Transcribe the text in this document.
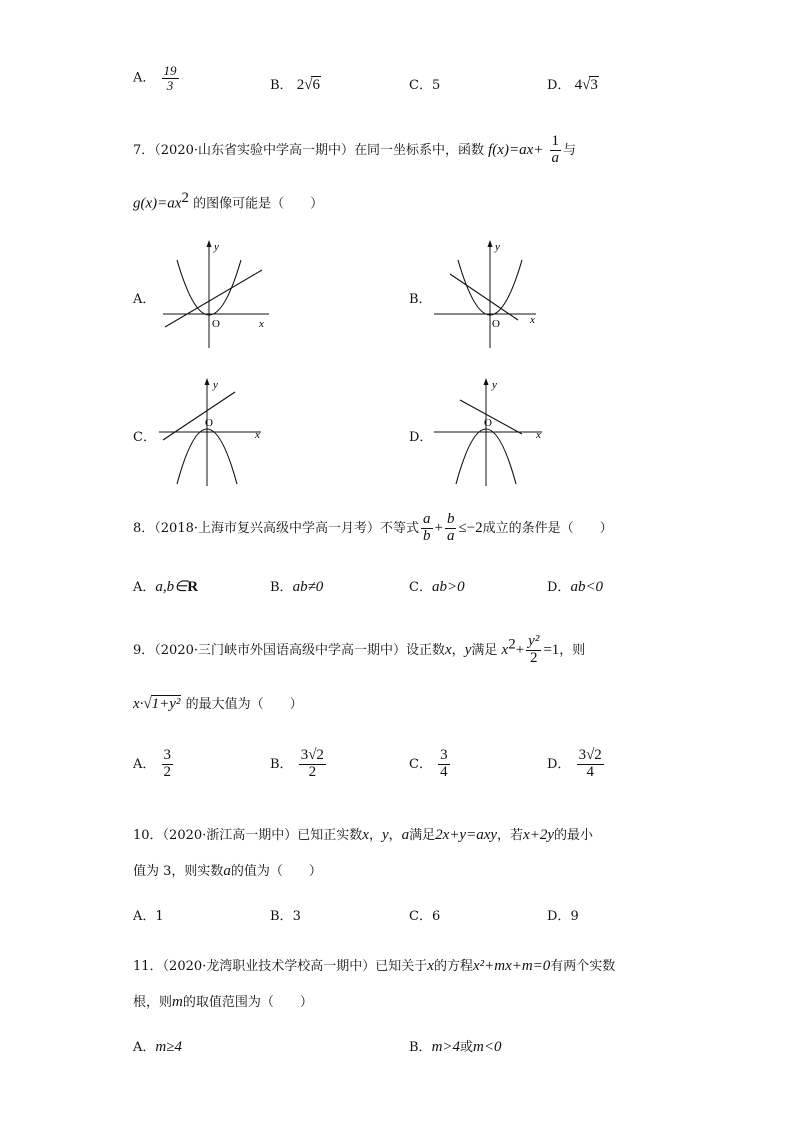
A． $\frac{19}{3}$	B． 2√6	C．5	D． 4√3
7．（2020·山东省实验中学高一期中）在同一坐标系中，函数 $f(x)=ax+ \frac{1}{a}$ 与
$g(x)=ax^2$ 的图像可能是（　　）
A．	B．
C．	D．
y
x
O
y
x
O
y
x
O
y
x
O
8．（2018·上海市复兴高级中学高一月考）不等式 $\frac{a}{b} + \frac{b}{a} \le-2$成立的条件是（　　）
A．a,b∈R	B．ab≠0	C．ab>0	D．ab<0
9．（2020·三门峡市外国语高级中学高一期中）设正数x，y满足 $x^2+ \frac{\text{y²}}{2} =1$，则
x·√1+y² 的最大值为（　　）
A． $\frac{3}{2}$	B． $\frac{3√2}{2}$	C． $\frac{3}{4}$	D． $\frac{3√2}{4}$
10．（2020·浙江高一期中）已知正实数x，y，a满足2x+y=axy，若x+2y的最小
值为 3，则实数a的值为（　　）
A．1	B．3	C．6	D．9
11．（2020·龙湾职业技术学校高一期中）已知关于x的方程x²+mx+m=0有两个实数
根，则m的取值范围为（　　）
A．m≥4	B．m>4或m<0
